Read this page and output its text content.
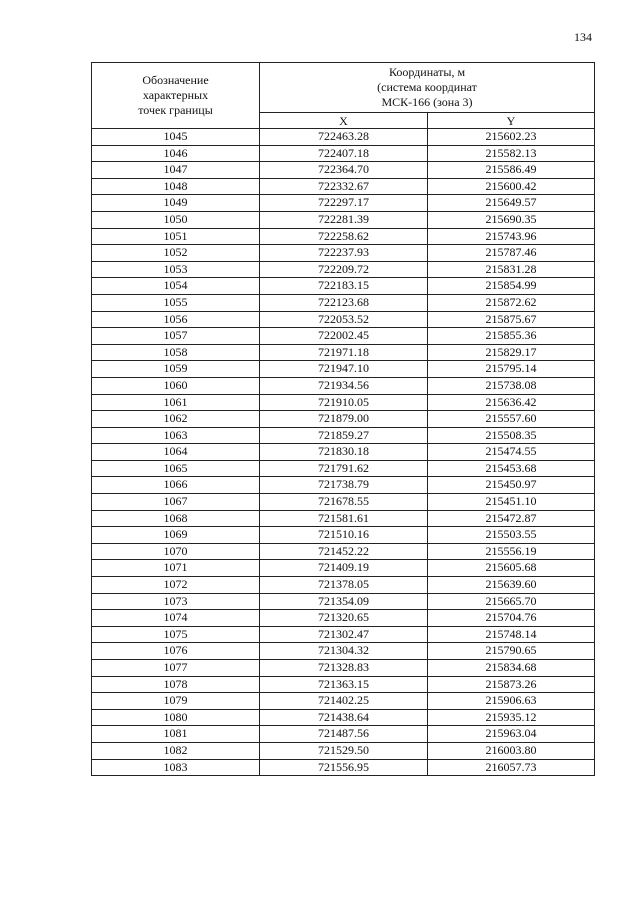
134
Обозначение
характерных
точек границы	Координаты, м
(система координат
МСК-166 (зона 3)	

	X	Y
1045	722463.28	215602.23
1046	722407.18	215582.13
1047	722364.70	215586.49
1048	722332.67	215600.42
1049	722297.17	215649.57
1050	722281.39	215690.35
1051	722258.62	215743.96
1052	722237.93	215787.46
1053	722209.72	215831.28
1054	722183.15	215854.99
1055	722123.68	215872.62
1056	722053.52	215875.67
1057	722002.45	215855.36
1058	721971.18	215829.17
1059	721947.10	215795.14
1060	721934.56	215738.08
1061	721910.05	215636.42
1062	721879.00	215557.60
1063	721859.27	215508.35
1064	721830.18	215474.55
1065	721791.62	215453.68
1066	721738.79	215450.97
1067	721678.55	215451.10
1068	721581.61	215472.87
1069	721510.16	215503.55
1070	721452.22	215556.19
1071	721409.19	215605.68
1072	721378.05	215639.60
1073	721354.09	215665.70
1074	721320.65	215704.76
1075	721302.47	215748.14
1076	721304.32	215790.65
1077	721328.83	215834.68
1078	721363.15	215873.26
1079	721402.25	215906.63
1080	721438.64	215935.12
1081	721487.56	215963.04
1082	721529.50	216003.80
1083	721556.95	216057.73
